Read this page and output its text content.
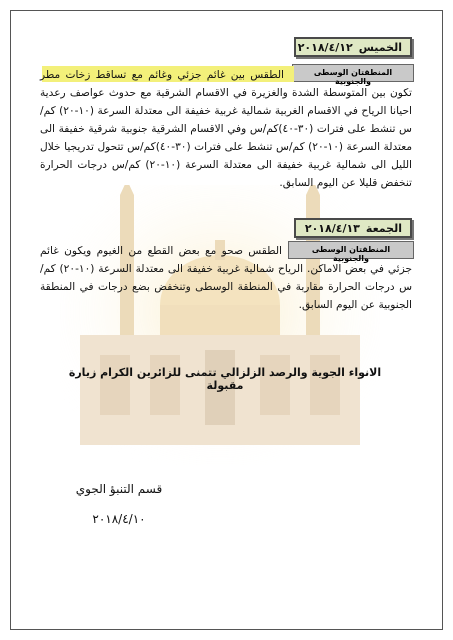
الخميس
٢٠١٨/٤/١٢
المنطقتان الوسطى والجنوبية
الطقس بين غائم جزئي وغائم مع تساقط زخات مطر تكون بين المتوسطة الشدة والغزيرة في الاقسام الشرقية مع حدوث عواصف رعدية احيانا الرياح في الاقسام الغربية شمالية غربية خفيفة الى معتدلة السرعة (١٠-٢٠) كم/س تنشط على فترات (٣٠-٤٠)كم/س وفي الاقسام الشرقية جنوبية شرقية خفيفة الى معتدلة السرعة (١٠-٢٠) كم/س تنشط على فترات (٣٠-٤٠)كم/س تتحول تدريجيا خلال الليل الى شمالية غربية خفيفة الى معتدلة السرعة (١٠-٢٠) كم/س درجات الحرارة تنخفض قليلا عن اليوم السابق.
الجمعة
٢٠١٨/٤/١٣
المنطقتان الوسطى والجنوبية
الطقس صحو مع بعض القطع من الغيوم ويكون غائم جزئي في بعض الاماكن. الرياح شمالية غربية خفيفة الى معتدلة السرعة (١٠-٢٠) كم/ س درجات الحرارة مقاربة في المنطقة الوسطى وتنخفض بضع درجات في المنطقة الجنوبية عن اليوم السابق.
الانواء الجوية والرصد الزلزالي تتمنى للزائرين الكرام زيارة مقبولة
قسم التنبؤ الجوي
٢٠١٨/٤/١٠
